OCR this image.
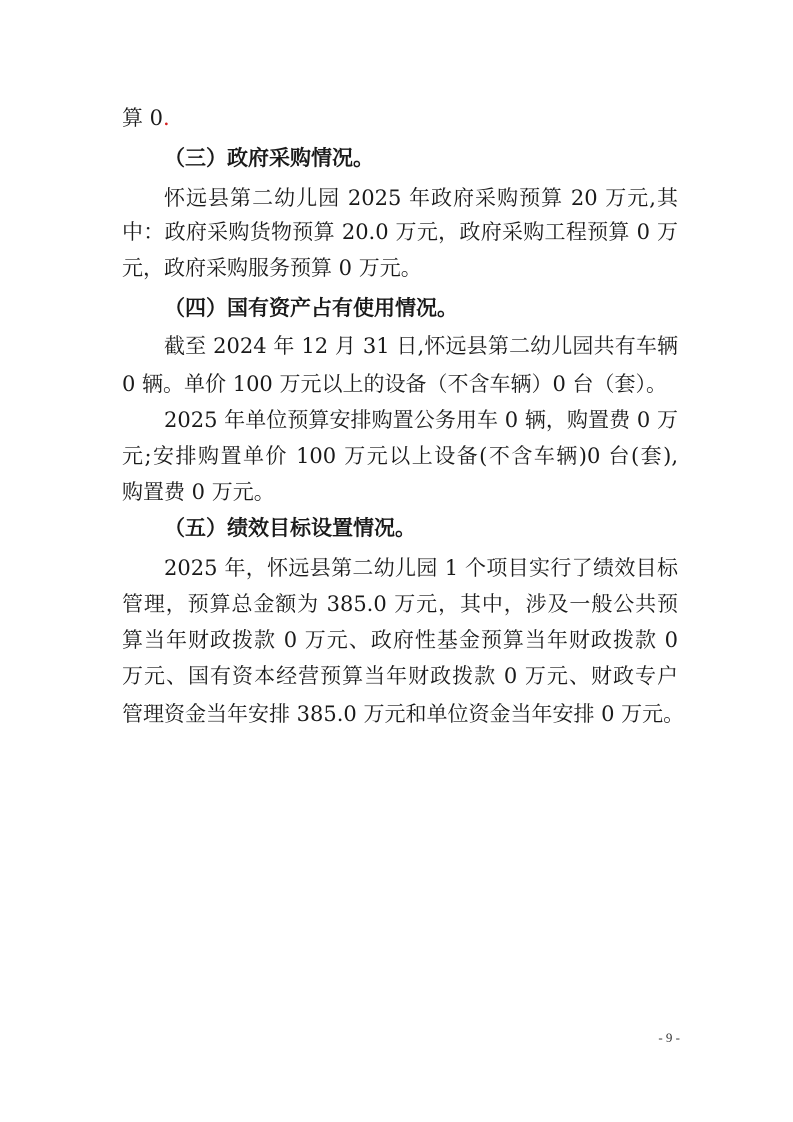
算 0.
（三）政府采购情况。
怀远县第二幼儿园 2025 年政府采购预算 20 万元,其
中：政府采购货物预算 20.0 万元，政府采购工程预算 0 万
元，政府采购服务预算 0 万元。
（四）国有资产占有使用情况。
截至 2024 年 12 月 31 日,怀远县第二幼儿园共有车辆
0 辆。单价 100 万元以上的设备（不含车辆）0 台（套）。
2025 年单位预算安排购置公务用车 0 辆，购置费 0 万
元;安排购置单价 100 万元以上设备(不含车辆)0 台(套),
购置费 0 万元。
（五）绩效目标设置情况。
2025 年，怀远县第二幼儿园 1 个项目实行了绩效目标
管理，预算总金额为 385.0 万元，其中，涉及一般公共预
算当年财政拨款 0 万元、政府性基金预算当年财政拨款 0
万元、国有资本经营预算当年财政拨款 0 万元、财政专户
管理资金当年安排 385.0 万元和单位资金当年安排 0 万元。
- 9 -
